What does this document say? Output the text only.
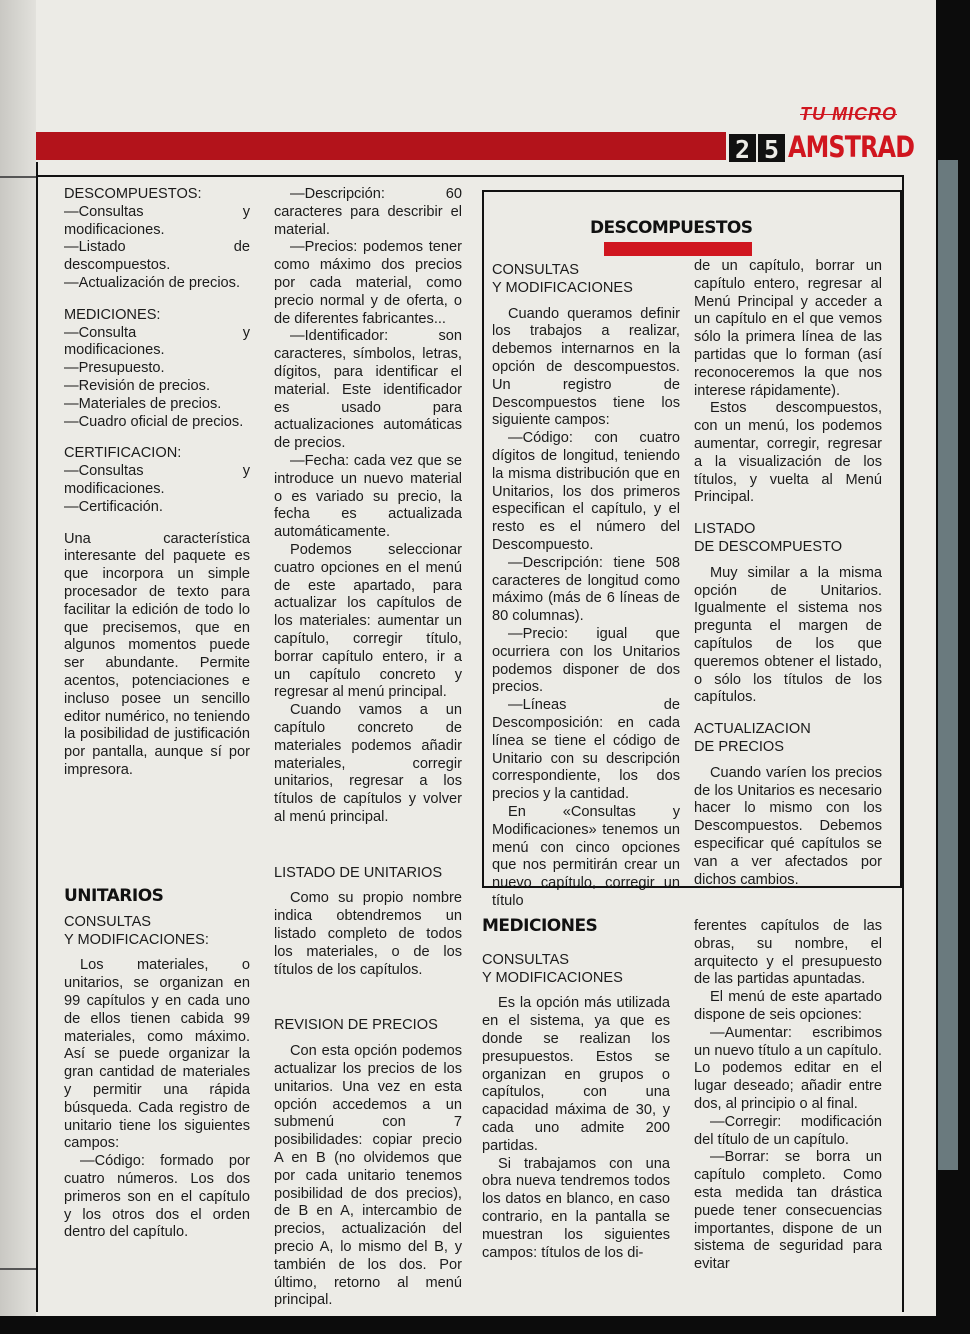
TU MICRO
2 5 AMSTRAD

DESCOMPUESTOS:

—Consultas y modificaciones.

—Listado de descompuestos.

—Actualización de precios.

MEDICIONES:

—Consulta y modificaciones.

—Presupuesto.

—Revisión de precios.

—Materiales de precios.

—Cuadro oficial de precios.

CERTIFICACION:

—Consultas y modificaciones.

—Certificación.

Una característica interesante del paquete es que incorpora un simple procesador de texto para facilitar la edición de todo lo que precisemos, que en algunos momentos puede ser abundante. Permite acentos, potenciaciones e incluso posee un sencillo editor numérico, no teniendo la posibilidad de justificación por pantalla, aunque sí por impresora.

UNITARIOS

CONSULTAS

Y MODIFICACIONES:

Los materiales, o unitarios, se organizan en 99 capítulos y en cada uno de ellos tienen cabida 99 materiales, como máximo. Así se puede organizar la gran cantidad de materiales y permitir una rápida búsqueda. Cada registro de unitario tiene los siguientes campos:

—Código: formado por cuatro números. Los dos primeros son en el capítulo y los otros dos el orden dentro del capítulo.

—Descripción: 60 caracteres para describir el material.

—Precios: podemos tener como máximo dos precios por cada material, como precio normal y de oferta, o de diferentes fabricantes...

—Identificador: son caracteres, símbolos, letras, dígitos, para identificar el material. Este identificador es usado para actualizaciones automáticas de precios.

—Fecha: cada vez que se introduce un nuevo material o es variado su precio, la fecha es actualizada automáticamente.

Podemos seleccionar cuatro opciones en el menú de este apartado, para actualizar los capítulos de los materiales: aumentar un capítulo, corregir título, borrar capítulo entero, ir a un capítulo concreto y regresar al menú principal.

Cuando vamos a un capítulo concreto de materiales podemos añadir materiales, corregir unitarios, regresar a los títulos de capítulos y volver al menú principal.

LISTADO DE UNITARIOS

Como su propio nombre indica obtendremos un listado completo de todos los materiales, o de los títulos de los capítulos.

REVISION DE PRECIOS

Con esta opción podemos actualizar los precios de los unitarios. Una vez en esta opción accedemos a un submenú con 7 posibilidades: copiar precio A en B (no olvidemos que por cada unitario tenemos posibilidad de dos precios), de B en A, intercambio de precios, actualización del precio A, lo mismo del B, y también de los dos. Por último, retorno al menú principal.

DESCOMPUESTOS

CONSULTAS

Y MODIFICACIONES

Cuando queramos definir los trabajos a realizar, debemos internarnos en la opción de descompuestos. Un registro de Descompuestos tiene los siguiente campos:

—Código: con cuatro dígitos de longitud, teniendo la misma distribución que en Unitarios, los dos primeros especifican el capítulo, y el resto es el número del Descompuesto.

—Descripción: tiene 508 caracteres de longitud como máximo (más de 6 líneas de 80 columnas).

—Precio: igual que ocurriera con los Unitarios podemos disponer de dos precios.

—Líneas de Descomposición: en cada línea se tiene el código de Unitario con su descripción correspondiente, los dos precios y la cantidad.

En «Consultas y Modificaciones» tenemos un menú con cinco opciones que nos permitirán crear un nuevo capítulo, corregir un título

de un capítulo, borrar un capítulo entero, regresar al Menú Principal y acceder a un capítulo en el que vemos sólo la primera línea de las partidas que lo forman (así reconoceremos la que nos interese rápidamente).

Estos descompuestos, con un menú, los podemos aumentar, corregir, regresar a la visualización de los títulos, y vuelta al Menú Principal.

LISTADO

DE DESCOMPUESTO

Muy similar a la misma opción de Unitarios. Igualmente el sistema nos pregunta el margen de capítulos de los que queremos obtener el listado, o sólo los títulos de los capítulos.

ACTUALIZACION

DE PRECIOS

Cuando varíen los precios de los Unitarios es necesario hacer lo mismo con los Descompuestos. Debemos especificar qué capítulos se van a ver afectados por dichos cambios.

MEDICIONES

CONSULTAS

Y MODIFICACIONES

Es la opción más utilizada en el sistema, ya que es donde se realizan los presupuestos. Estos se organizan en grupos o capítulos, con una capacidad máxima de 30, y cada uno admite 200 partidas.

Si trabajamos con una obra nueva tendremos todos los datos en blanco, en caso contrario, en la pantalla se muestran los siguientes campos: títulos de los di-

ferentes capítulos de las obras, su nombre, el arquitecto y el presupuesto de las partidas apuntadas.

El menú de este apartado dispone de seis opciones:

—Aumentar: escribimos un nuevo título a un capítulo. Lo podemos editar en el lugar deseado; añadir entre dos, al principio o al final.

—Corregir: modificación del título de un capítulo.

—Borrar: se borra un capítulo completo. Como esta medida tan drástica puede tener consecuencias importantes, dispone de un sistema de seguridad para evitar
